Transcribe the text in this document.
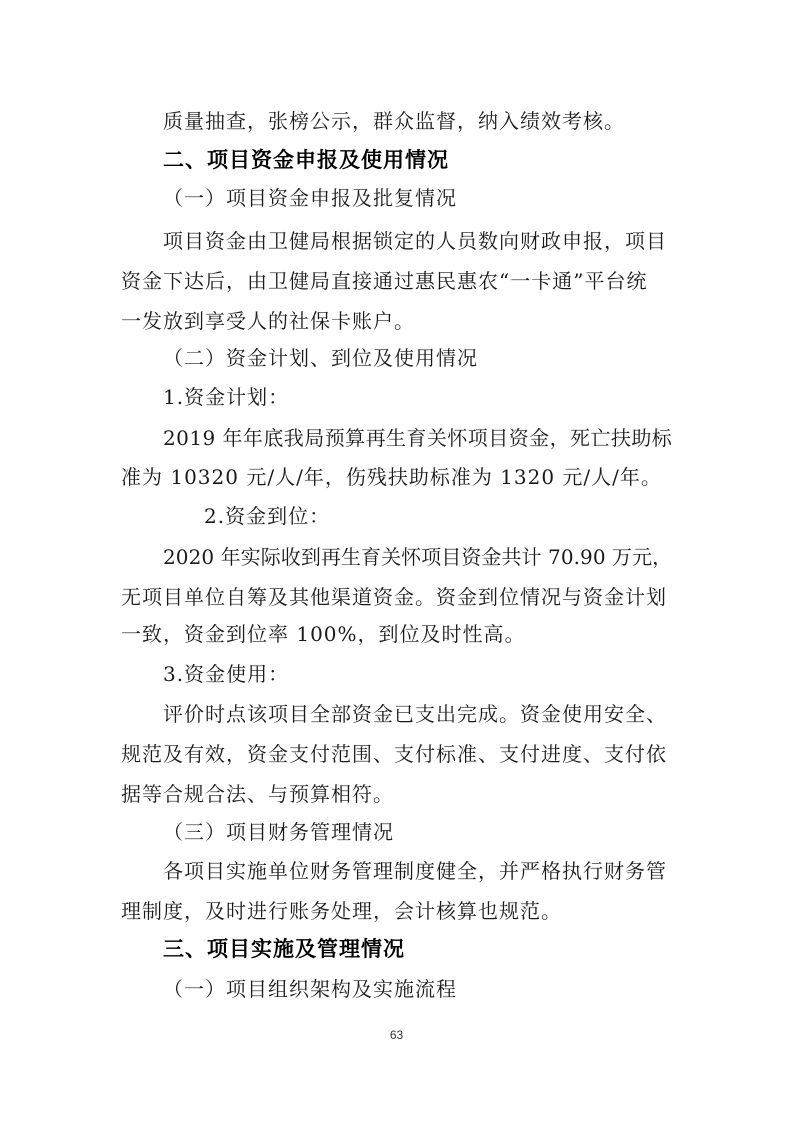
质量抽查，张榜公示，群众监督，纳入绩效考核。
二、项目资金申报及使用情况
（一）项目资金申报及批复情况
项目资金由卫健局根据锁定的人员数向财政申报，项目
资金下达后，由卫健局直接通过惠民惠农“一卡通”平台统
一发放到享受人的社保卡账户。
（二）资金计划、到位及使用情况
1.资金计划：
2019 年年底我局预算再生育关怀项目资金，死亡扶助标
准为 10320 元/人/年，伤残扶助标准为 1320 元/人/年。
2.资金到位：
2020 年实际收到再生育关怀项目资金共计 70.90 万元，
无项目单位自筹及其他渠道资金。资金到位情况与资金计划
一致，资金到位率 100%，到位及时性高。
3.资金使用：
评价时点该项目全部资金已支出完成。资金使用安全、
规范及有效，资金支付范围、支付标准、支付进度、支付依
据等合规合法、与预算相符。
（三）项目财务管理情况
各项目实施单位财务管理制度健全，并严格执行财务管
理制度，及时进行账务处理，会计核算也规范。
三、项目实施及管理情况
（一）项目组织架构及实施流程
63
